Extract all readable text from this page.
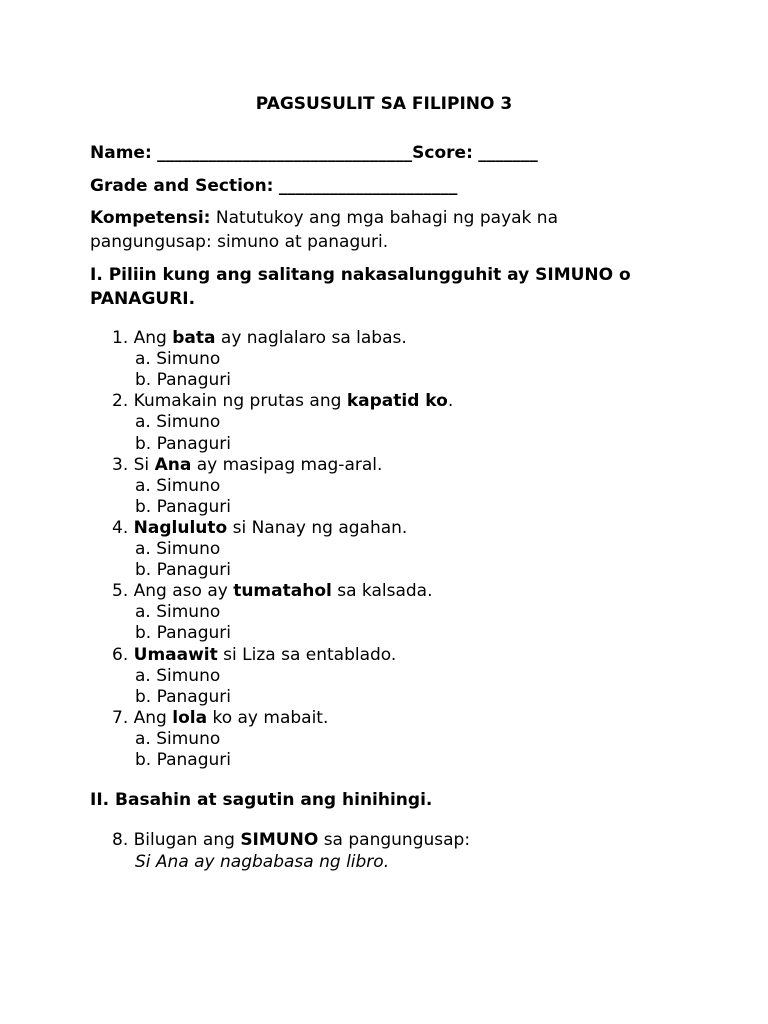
PAGSUSULIT SA FILIPINO 3
Name: ______________________________Score: _______
Grade and Section: _____________________
Kompetensi: Natutukoy ang mga bahagi ng payak na
pangungusap: simuno at panaguri.
I. Piliin kung ang salitang nakasalungguhit ay SIMUNO o
PANAGURI.
1. Ang bata ay naglalaro sa labas.
a. Simuno
b. Panaguri
2. Kumakain ng prutas ang kapatid ko.
a. Simuno
b. Panaguri
3. Si Ana ay masipag mag-aral.
a. Simuno
b. Panaguri
4. Nagluluto si Nanay ng agahan.
a. Simuno
b. Panaguri
5. Ang aso ay tumatahol sa kalsada.
a. Simuno
b. Panaguri
6. Umaawit si Liza sa entablado.
a. Simuno
b. Panaguri
7. Ang lola ko ay mabait.
a. Simuno
b. Panaguri
II. Basahin at sagutin ang hinihingi.
8. Bilugan ang SIMUNO sa pangungusap:
Si Ana ay nagbabasa ng libro.
